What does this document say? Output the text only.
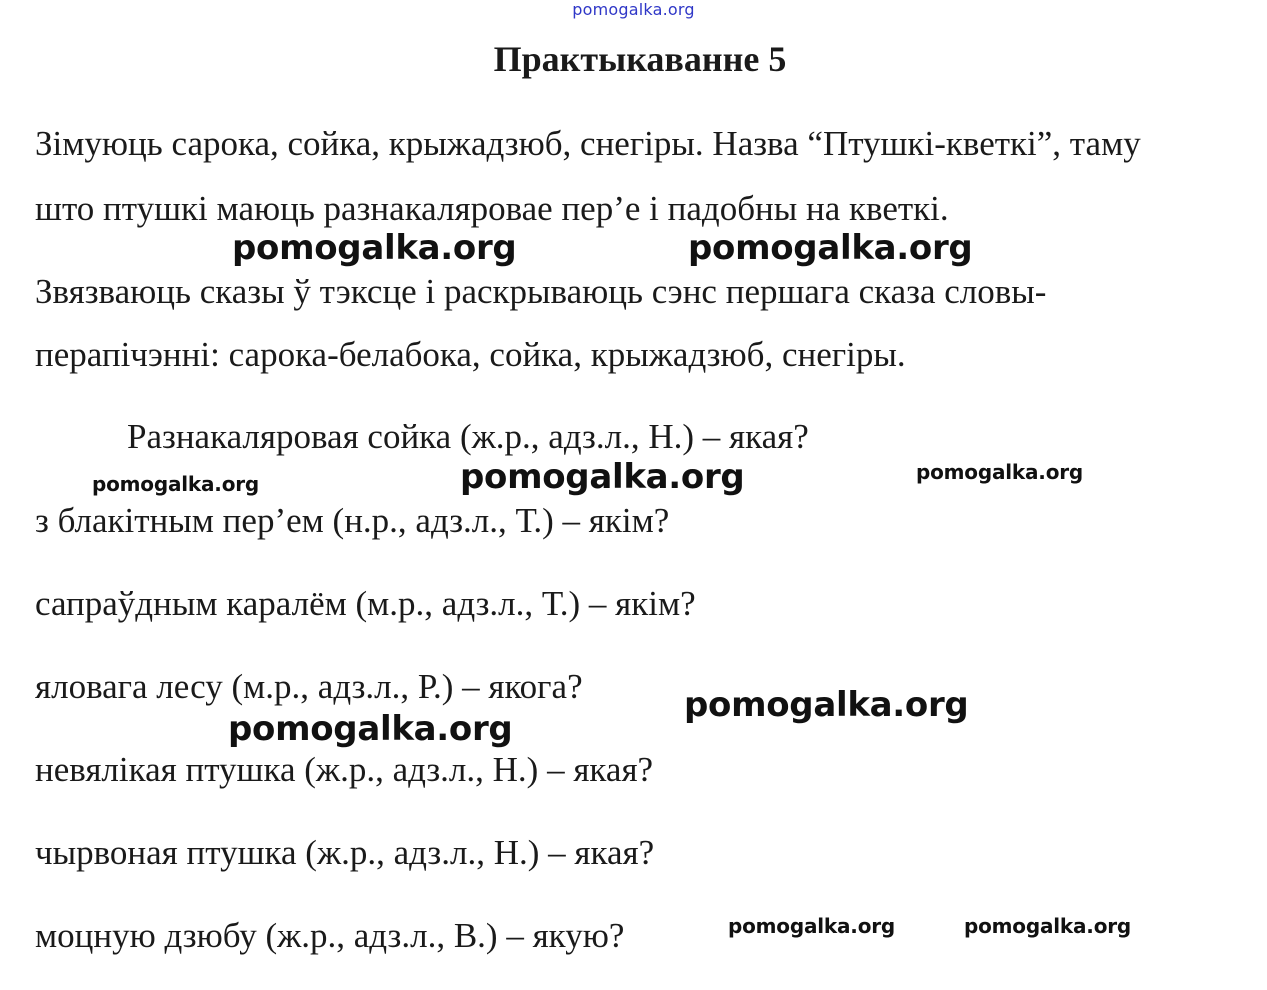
pomogalka.org
Практыкаванне 5
Зімуюць сарока, сойка, крыжадзюб, снегіры. Назва “Птушкі-кветкі”, таму
што птушкі маюць разнакаляровае пер’е і падобны на кветкі.
Звязваюць сказы ў тэксце і раскрываюць сэнс першага сказа словы-
перапічэнні: сарока-белабока, сойка, крыжадзюб, снегіры.
Разнакаляровая сойка (ж.р., адз.л., Н.) – якая?
з блакітным пер’ем (н.р., адз.л., Т.) – якім?
сапраўдным каралём (м.р., адз.л., Т.) – якім?
яловага лесу (м.р., адз.л., Р.) – якога?
невялікая птушка (ж.р., адз.л., Н.) – якая?
чырвоная птушка (ж.р., адз.л., Н.) – якая?
моцную дзюбу (ж.р., адз.л., В.) – якую?
pomogalka.org	pomogalka.org
pomogalka.org	pomogalka.org	pomogalka.org
pomogalka.org
pomogalka.org
pomogalka.org	pomogalka.org
